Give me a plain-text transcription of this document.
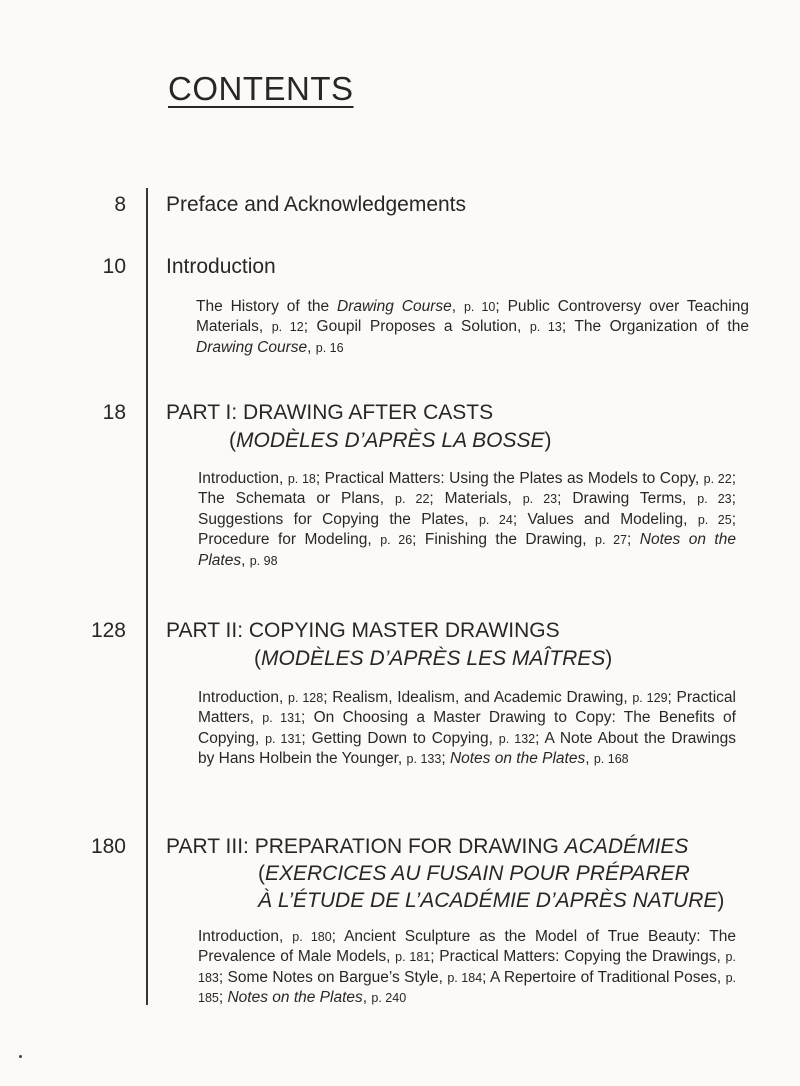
CONTENTS
8 Preface and Acknowledgements
10 Introduction
The History of the Drawing Course, p. 10; Public Controversy over Teaching Materials, p. 12; Goupil Proposes a Solution, p. 13; The Organization of the Drawing Course, p. 16
18 PART I: DRAWING AFTER CASTS
(MODÈLES D’APRÈS LA BOSSE)
Introduction, p. 18; Practical Matters: Using the Plates as Models to Copy, p. 22; The Schemata or Plans, p. 22; Materials, p. 23; Drawing Terms, p. 23; Suggestions for Copying the Plates, p. 24; Values and Modeling, p. 25; Procedure for Modeling, p. 26; Finishing the Drawing, p. 27; Notes on the Plates, p. 98
128 PART II: COPYING MASTER DRAWINGS
(MODÈLES D’APRÈS LES MAÎTRES)
Introduction, p. 128; Realism, Idealism, and Academic Drawing, p. 129; Practical Matters, p. 131; On Choosing a Master Drawing to Copy: The Benefits of Copying, p. 131; Getting Down to Copying, p. 132; A Note About the Drawings by Hans Holbein the Younger, p. 133; Notes on the Plates, p. 168
180 PART III: PREPARATION FOR DRAWING ACADÉMIES
(EXERCICES AU FUSAIN POUR PRÉPARER
À L’ÉTUDE DE L’ACADÉMIE D’APRÈS NATURE)
Introduction, p. 180; Ancient Sculpture as the Model of True Beauty: The Prevalence of Male Models, p. 181; Practical Matters: Copying the Drawings, p. 183; Some Notes on Bargue’s Style, p. 184; A Repertoire of Traditional Poses, p. 185; Notes on the Plates, p. 240
